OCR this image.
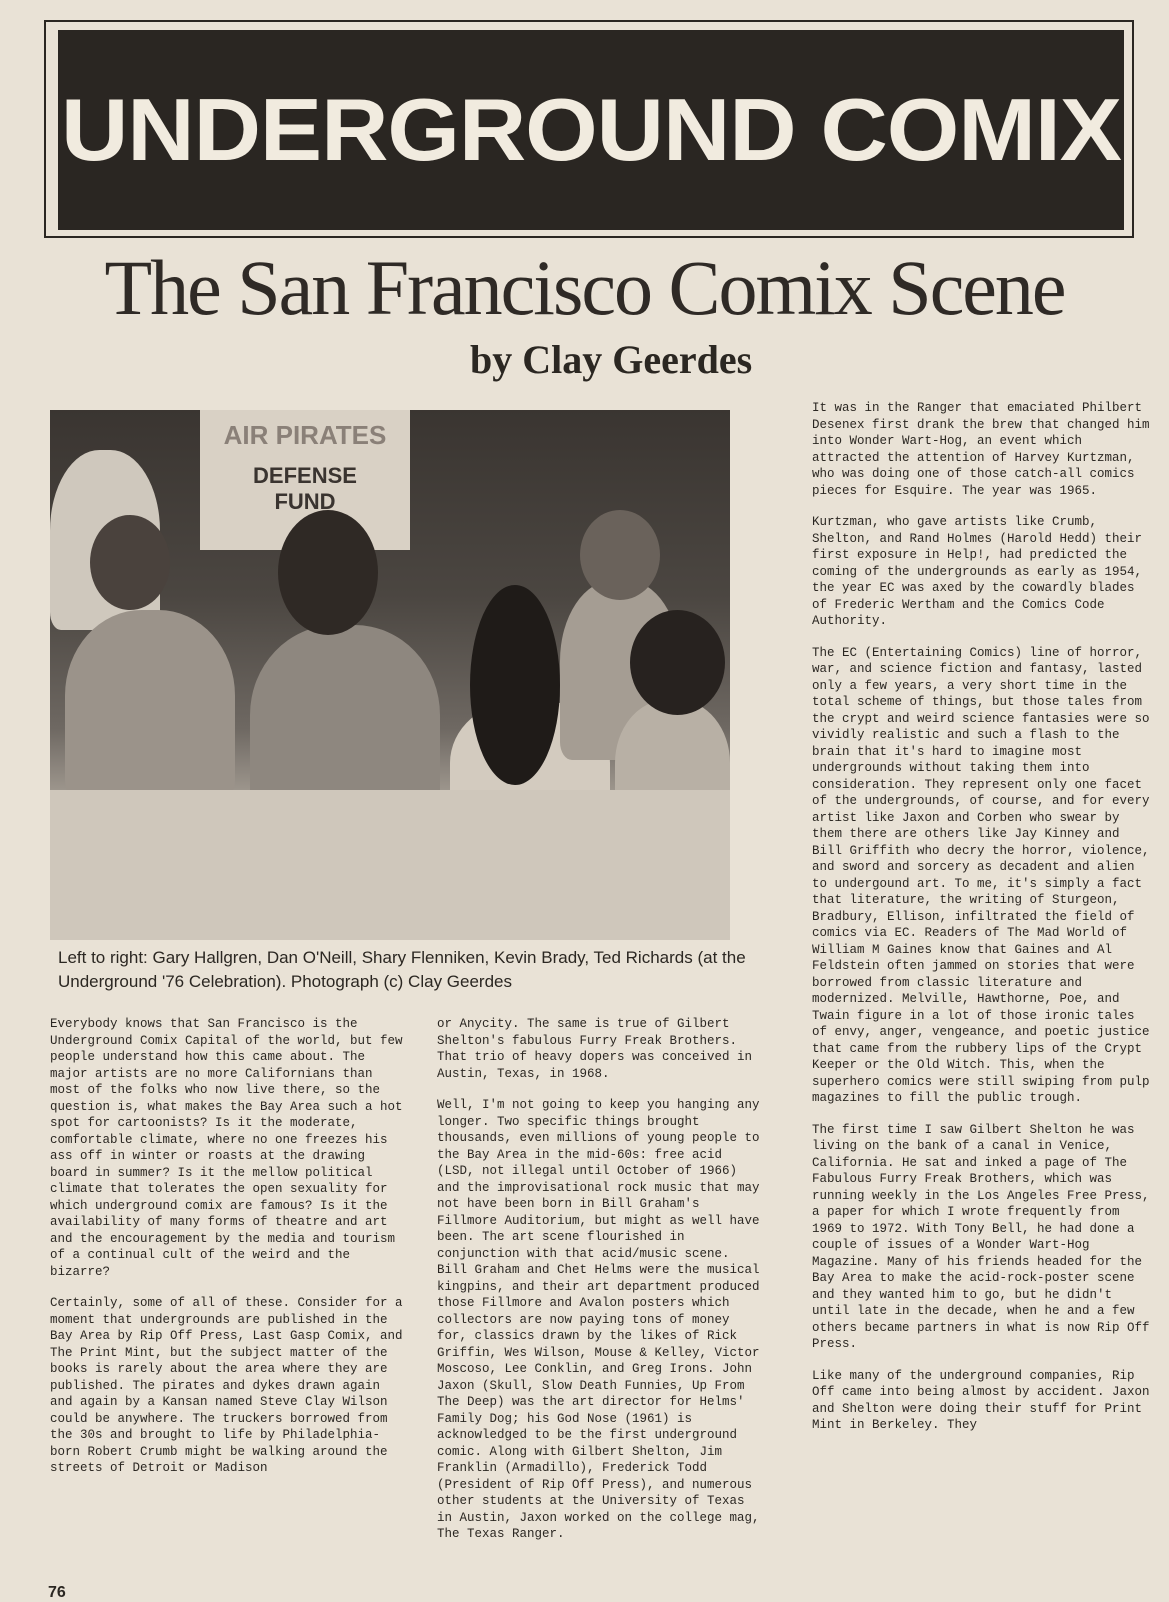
UNDERGROUND COMIX
The San Francisco Comix Scene
by Clay Geerdes
AIR PIRATES
DEFENSE
FUND
Left to right: Gary Hallgren, Dan O'Neill, Shary Flenniken, Kevin Brady, Ted Richards (at the Underground '76 Celebration). Photograph (c) Clay Geerdes

Everybody knows that San Francisco is the Underground Comix Capital of the world, but few people understand how this came about. The major artists are no more Californians than most of the folks who now live there, so the question is, what makes the Bay Area such a hot spot for cartoonists? Is it the moderate, comfortable climate, where no one freezes his ass off in winter or roasts at the drawing board in summer? Is it the mellow political climate that tolerates the open sexuality for which underground comix are famous? Is it the availability of many forms of theatre and art and the encouragement by the media and tourism of a continual cult of the weird and the bizarre?

Certainly, some of all of these. Consider for a moment that undergrounds are published in the Bay Area by Rip Off Press, Last Gasp Comix, and The Print Mint, but the subject matter of the books is rarely about the area where they are published. The pirates and dykes drawn again and again by a Kansan named Steve Clay Wilson could be anywhere. The truckers borrowed from the 30s and brought to life by Philadelphia-born Robert Crumb might be walking around the streets of Detroit or Madison

or Anycity. The same is true of Gilbert Shelton's fabulous Furry Freak Brothers. That trio of heavy dopers was conceived in Austin, Texas, in 1968.

Well, I'm not going to keep you hanging any longer. Two specific things brought thousands, even millions of young people to the Bay Area in the mid-60s: free acid (LSD, not illegal until October of 1966) and the improvisational rock music that may not have been born in Bill Graham's Fillmore Auditorium, but might as well have been. The art scene flourished in conjunction with that acid/music scene. Bill Graham and Chet Helms were the musical kingpins, and their art department produced those Fillmore and Avalon posters which collectors are now paying tons of money for, classics drawn by the likes of Rick Griffin, Wes Wilson, Mouse & Kelley, Victor Moscoso, Lee Conklin, and Greg Irons. John Jaxon (Skull, Slow Death Funnies, Up From The Deep) was the art director for Helms' Family Dog; his God Nose (1961) is acknowledged to be the first underground comic. Along with Gilbert Shelton, Jim Franklin (Armadillo), Frederick Todd (President of Rip Off Press), and numerous other students at the University of Texas in Austin, Jaxon worked on the college mag, The Texas Ranger.

It was in the Ranger that emaciated Philbert Desenex first drank the brew that changed him into Wonder Wart-Hog, an event which attracted the attention of Harvey Kurtzman, who was doing one of those catch-all comics pieces for Esquire. The year was 1965.

Kurtzman, who gave artists like Crumb, Shelton, and Rand Holmes (Harold Hedd) their first exposure in Help!, had predicted the coming of the undergrounds as early as 1954, the year EC was axed by the cowardly blades of Frederic Wertham and the Comics Code Authority.

The EC (Entertaining Comics) line of horror, war, and science fiction and fantasy, lasted only a few years, a very short time in the total scheme of things, but those tales from the crypt and weird science fantasies were so vividly realistic and such a flash to the brain that it's hard to imagine most undergrounds without taking them into consideration. They represent only one facet of the undergrounds, of course, and for every artist like Jaxon and Corben who swear by them there are others like Jay Kinney and Bill Griffith who decry the horror, violence, and sword and sorcery as decadent and alien to undergound art. To me, it's simply a fact that literature, the writing of Sturgeon, Bradbury, Ellison, infiltrated the field of comics via EC. Readers of The Mad World of William M Gaines know that Gaines and Al Feldstein often jammed on stories that were borrowed from classic literature and modernized. Melville, Hawthorne, Poe, and Twain figure in a lot of those ironic tales of envy, anger, vengeance, and poetic justice that came from the rubbery lips of the Crypt Keeper or the Old Witch. This, when the superhero comics were still swiping from pulp magazines to fill the public trough.

The first time I saw Gilbert Shelton he was living on the bank of a canal in Venice, California. He sat and inked a page of The Fabulous Furry Freak Brothers, which was running weekly in the Los Angeles Free Press, a paper for which I wrote frequently from 1969 to 1972. With Tony Bell, he had done a couple of issues of a Wonder Wart-Hog Magazine. Many of his friends headed for the Bay Area to make the acid-rock-poster scene and they wanted him to go, but he didn't until late in the decade, when he and a few others became partners in what is now Rip Off Press.

Like many of the underground companies, Rip Off came into being almost by accident. Jaxon and Shelton were doing their stuff for Print Mint in Berkeley. They

76
